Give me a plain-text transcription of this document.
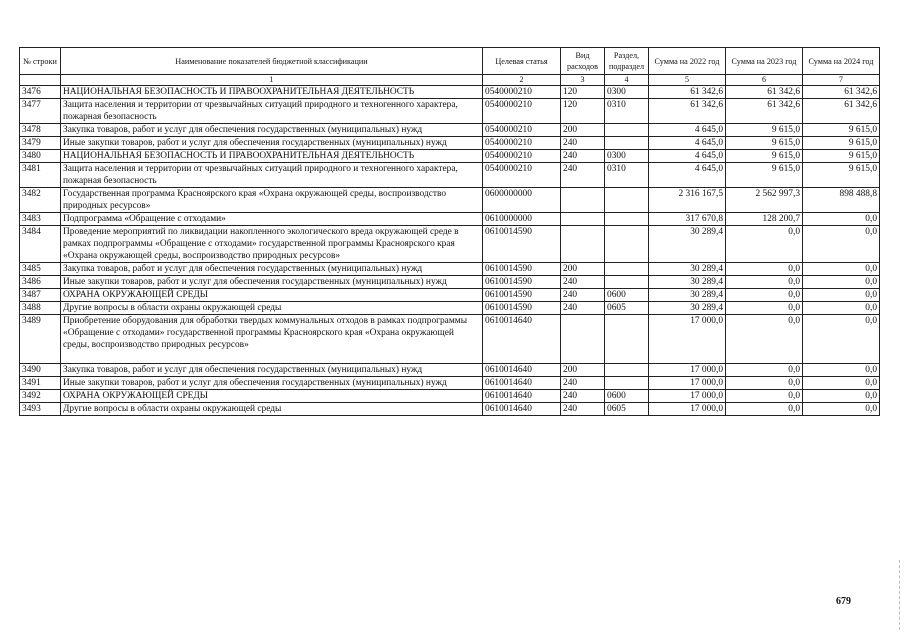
№ строки	Наименование показателей бюджетной классификации	Целевая статья	Вид расходов	Раздел, подраздел	Сумма на 2022 год	Сумма на 2023 год	Сумма на 2024 год
	1	2	3	4	5	6	7
3476	НАЦИОНАЛЬНАЯ БЕЗОПАСНОСТЬ И ПРАВООХРАНИТЕЛЬНАЯ ДЕЯТЕЛЬНОСТЬ	0540000210	120	0300	61 342,6	61 342,6	61 342,6
3477	Защита населения и территории от чрезвычайных ситуаций природного и техногенного характера, пожарная безопасность	0540000210	120	0310	61 342,6	61 342,6	61 342,6
3478	Закупка товаров, работ и услуг для обеспечения государственных (муниципальных) нужд	0540000210	200		4 645,0	9 615,0	9 615,0
3479	Иные закупки товаров, работ и услуг для обеспечения государственных (муниципальных) нужд	0540000210	240		4 645,0	9 615,0	9 615,0
3480	НАЦИОНАЛЬНАЯ БЕЗОПАСНОСТЬ И ПРАВООХРАНИТЕЛЬНАЯ ДЕЯТЕЛЬНОСТЬ	0540000210	240	0300	4 645,0	9 615,0	9 615,0
3481	Защита населения и территории от чрезвычайных ситуаций природного и техногенного характера, пожарная безопасность	0540000210	240	0310	4 645,0	9 615,0	9 615,0
3482	Государственная программа Красноярского края «Охрана окружающей среды, воспроизводство природных ресурсов»	0600000000			2 316 167,5	2 562 997,3	898 488,8
3483	Подпрограмма «Обращение с отходами»	0610000000			317 670,8	128 200,7	0,0
3484	Проведение мероприятий по ликвидации накопленного экологического вреда окружающей среде в рамках подпрограммы «Обращение с отходами» государственной программы Красноярского края «Охрана окружающей среды, воспроизводство природных ресурсов»	0610014590			30 289,4	0,0	0,0
3485	Закупка товаров, работ и услуг для обеспечения государственных (муниципальных) нужд	0610014590	200		30 289,4	0,0	0,0
3486	Иные закупки товаров, работ и услуг для обеспечения государственных (муниципальных) нужд	0610014590	240		30 289,4	0,0	0,0
3487	ОХРАНА ОКРУЖАЮЩЕЙ СРЕДЫ	0610014590	240	0600	30 289,4	0,0	0,0
3488	Другие вопросы в области охраны окружающей среды	0610014590	240	0605	30 289,4	0,0	0,0
3489	Приобретение оборудования для обработки твердых коммунальных отходов в рамках подпрограммы «Обращение с отходами» государственной программы Красноярского края «Охрана окружающей среды, воспроизводство природных ресурсов»	0610014640			17 000,0	0,0	0,0
3490	Закупка товаров, работ и услуг для обеспечения государственных (муниципальных) нужд	0610014640	200		17 000,0	0,0	0,0
3491	Иные закупки товаров, работ и услуг для обеспечения государственных (муниципальных) нужд	0610014640	240		17 000,0	0,0	0,0
3492	ОХРАНА ОКРУЖАЮЩЕЙ СРЕДЫ	0610014640	240	0600	17 000,0	0,0	0,0
3493	Другие вопросы в области охраны окружающей среды	0610014640	240	0605	17 000,0	0,0	0,0
679
